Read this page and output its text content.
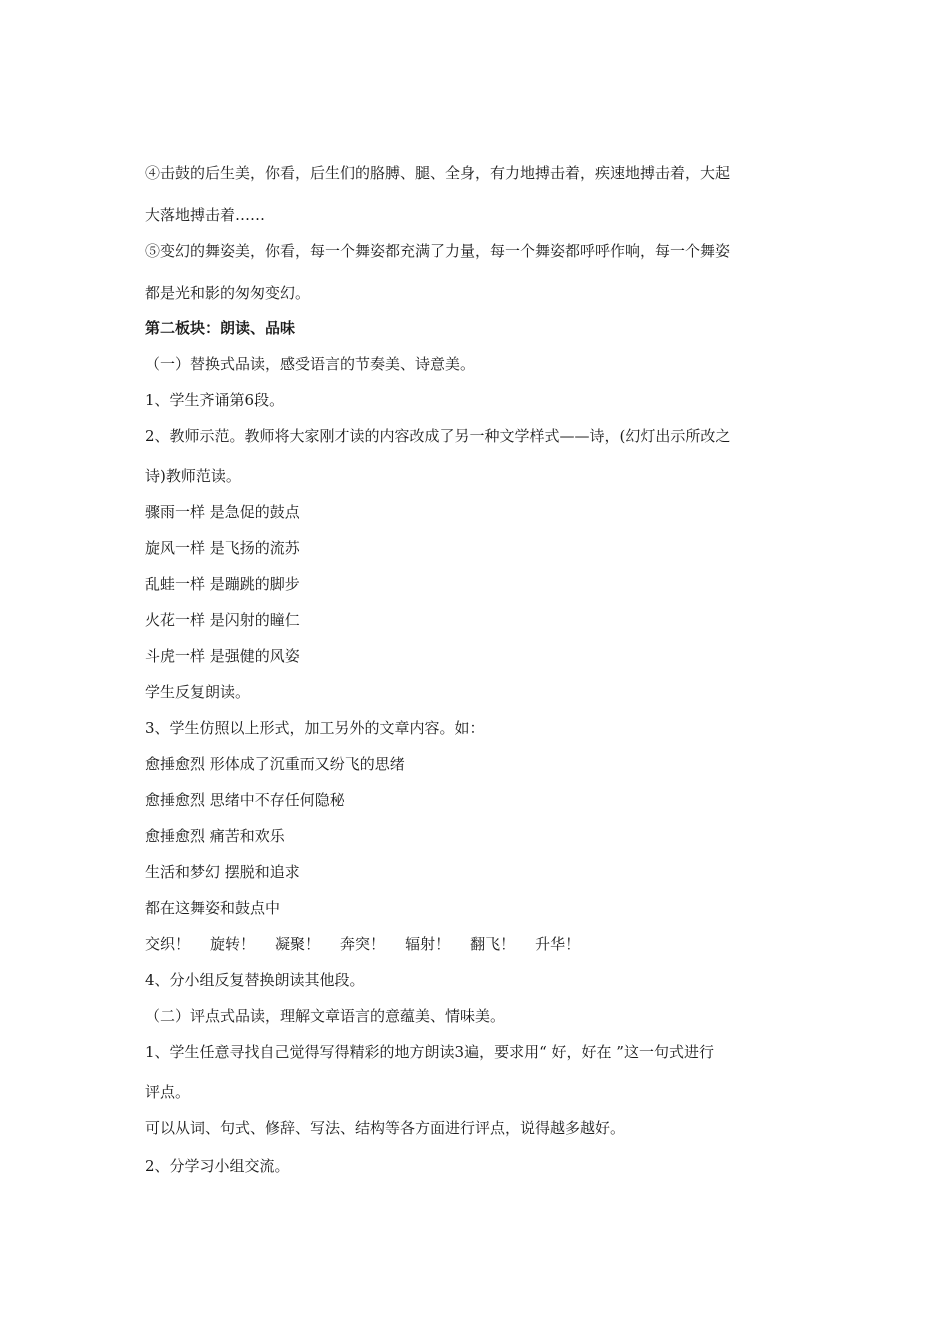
④击鼓的后生美，你看，后生们的胳膊、腿、全身，有力地搏击着，疾速地搏击着，大起
大落地搏击着……
⑤变幻的舞姿美，你看，每一个舞姿都充满了力量，每一个舞姿都呼呼作响，每一个舞姿
都是光和影的匆匆变幻。
第二板块：朗读、品味
（一）替换式品读，感受语言的节奏美、诗意美。
1、学生齐诵第6段。
2、教师示范。教师将大家刚才读的内容改成了另一种文学样式——诗，(幻灯出示所改之
诗)教师范读。
骤雨一样 是急促的鼓点
旋风一样 是飞扬的流苏
乱蛙一样 是蹦跳的脚步
火花一样 是闪射的瞳仁
斗虎一样 是强健的风姿
学生反复朗读。
3、学生仿照以上形式，加工另外的文章内容。如：
愈捶愈烈 形体成了沉重而又纷飞的思绪
愈捶愈烈 思绪中不存任何隐秘
愈捶愈烈 痛苦和欢乐
生活和梦幻 摆脱和追求
都在这舞姿和鼓点中
交织！ 旋转！ 凝聚！ 奔突！ 辐射！ 翻飞！ 升华！
4、分小组反复替换朗读其他段。
（二）评点式品读，理解文章语言的意蕴美、情味美。
1、学生任意寻找自己觉得写得精彩的地方朗读3遍，要求用“ 好，好在 ”这一句式进行
评点。
可以从词、句式、修辞、写法、结构等各方面进行评点，说得越多越好。
2、分学习小组交流。
